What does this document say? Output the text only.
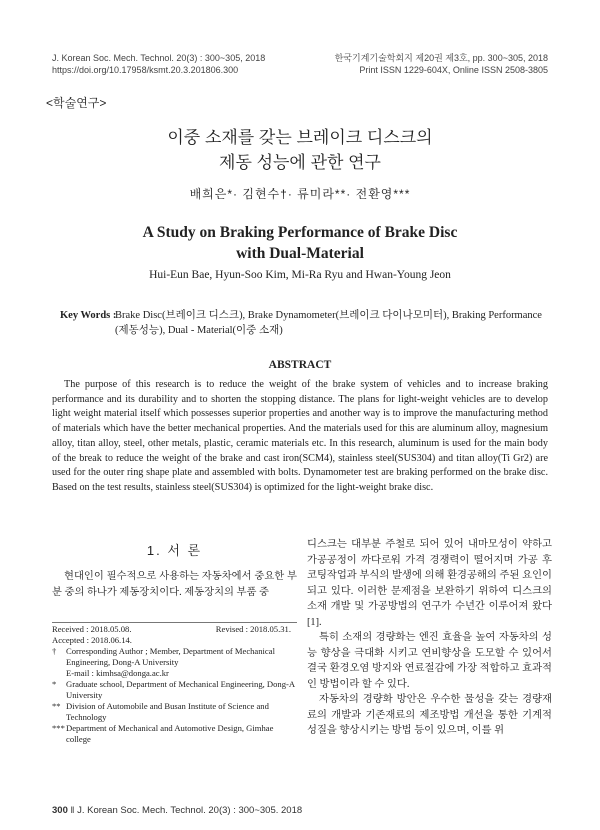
J. Korean Soc. Mech. Technol. 20(3) : 300~305, 2018
https://doi.org/10.17958/ksmt.20.3.201806.300
한국기계기술학회지 제20권 제3호, pp. 300~305, 2018
Print ISSN 1229-604X, Online ISSN 2508-3805
<학술연구>
이중 소재를 갖는 브레이크 디스크의
제동 성능에 관한 연구
배희은*· 김현수†· 류미라**· 전환영***
A Study on Braking Performance of Brake Disc
with Dual-Material
Hui-Eun Bae, Hyun-Soo Kim, Mi-Ra Ryu and Hwan-Young Jeon
Key Words :
Brake Disc(브레이크 디스크), Brake Dynamometer(브레이크 다이나모미터), Braking Performance (제동성능), Dual - Material(이중 소재)
ABSTRACT
The purpose of this research is to reduce the weight of the brake system of vehicles and to increase braking performance and its durability and to shorten the stopping distance. The plans for light-weight vehicles are to develop light weight material itself which possesses superior properties and another way is to improve the manufacturing method of materials which have the better mechanical properties. And the materials used for this are aluminum alloy, magnesium alloy, titan alloy, steel, other metals, plastic, ceramic materials etc. In this research, aluminum is used for the main body of the break to reduce the weight of the brake and cast iron(SCM4), stainless steel(SUS304) and titan alloy(Ti Gr2) are used for the outer ring shape plate and assembled with bolts. Dynamometer test are braking performed on the brake disc. Based on the test results, stainless steel(SUS304) is optimized for the light-weight brake disc.
1. 서 론
현대인이 필수적으로 사용하는 자동차에서 중요한 부분 중의 하나가 제동장치이다. 제동장치의 부품 중
Received : 2018.05.08.	Revised : 2018.05.31.
Accepted : 2018.06.14.
† Corresponding Author ; Member, Department of Mechanical Engineering, Dong-A University
E-mail : kimhsa@donga.ac.kr
* Graduate school, Department of Mechanical Engineering, Dong-A University
** Division of Automobile and Busan Institute of Science and Technology
*** Department of Mechanical and Automotive Design, Gimhae college

디스크는 대부분 주철로 되어 있어 내마모성이 약하고 가공공정이 까다로워 가격 경쟁력이 떨어지며 가공 후 코팅작업과 부식의 발생에 의해 환경공해의 주된 요인이 되고 있다. 이러한 문제점을 보완하기 위하여 디스크의 소재 개발 및 가공방법의 연구가 수년간 이루어져 왔다[1].

특히 소재의 경량화는 엔진 효율을 높여 자동차의 성능 향상을 극대화 시키고 연비향상을 도모할 수 있어서 결국 환경오염 방지와 연료절감에 가장 적합하고 효과적인 방법이라 할 수 있다.

자동차의 경량화 방안은 우수한 물성을 갖는 경량재료의 개발과 기존재료의 제조방법 개선을 통한 기계적 성질을 향상시키는 방법 등이 있으며, 이를 위

300 ‖ J. Korean Soc. Mech. Technol. 20(3) : 300~305. 2018
